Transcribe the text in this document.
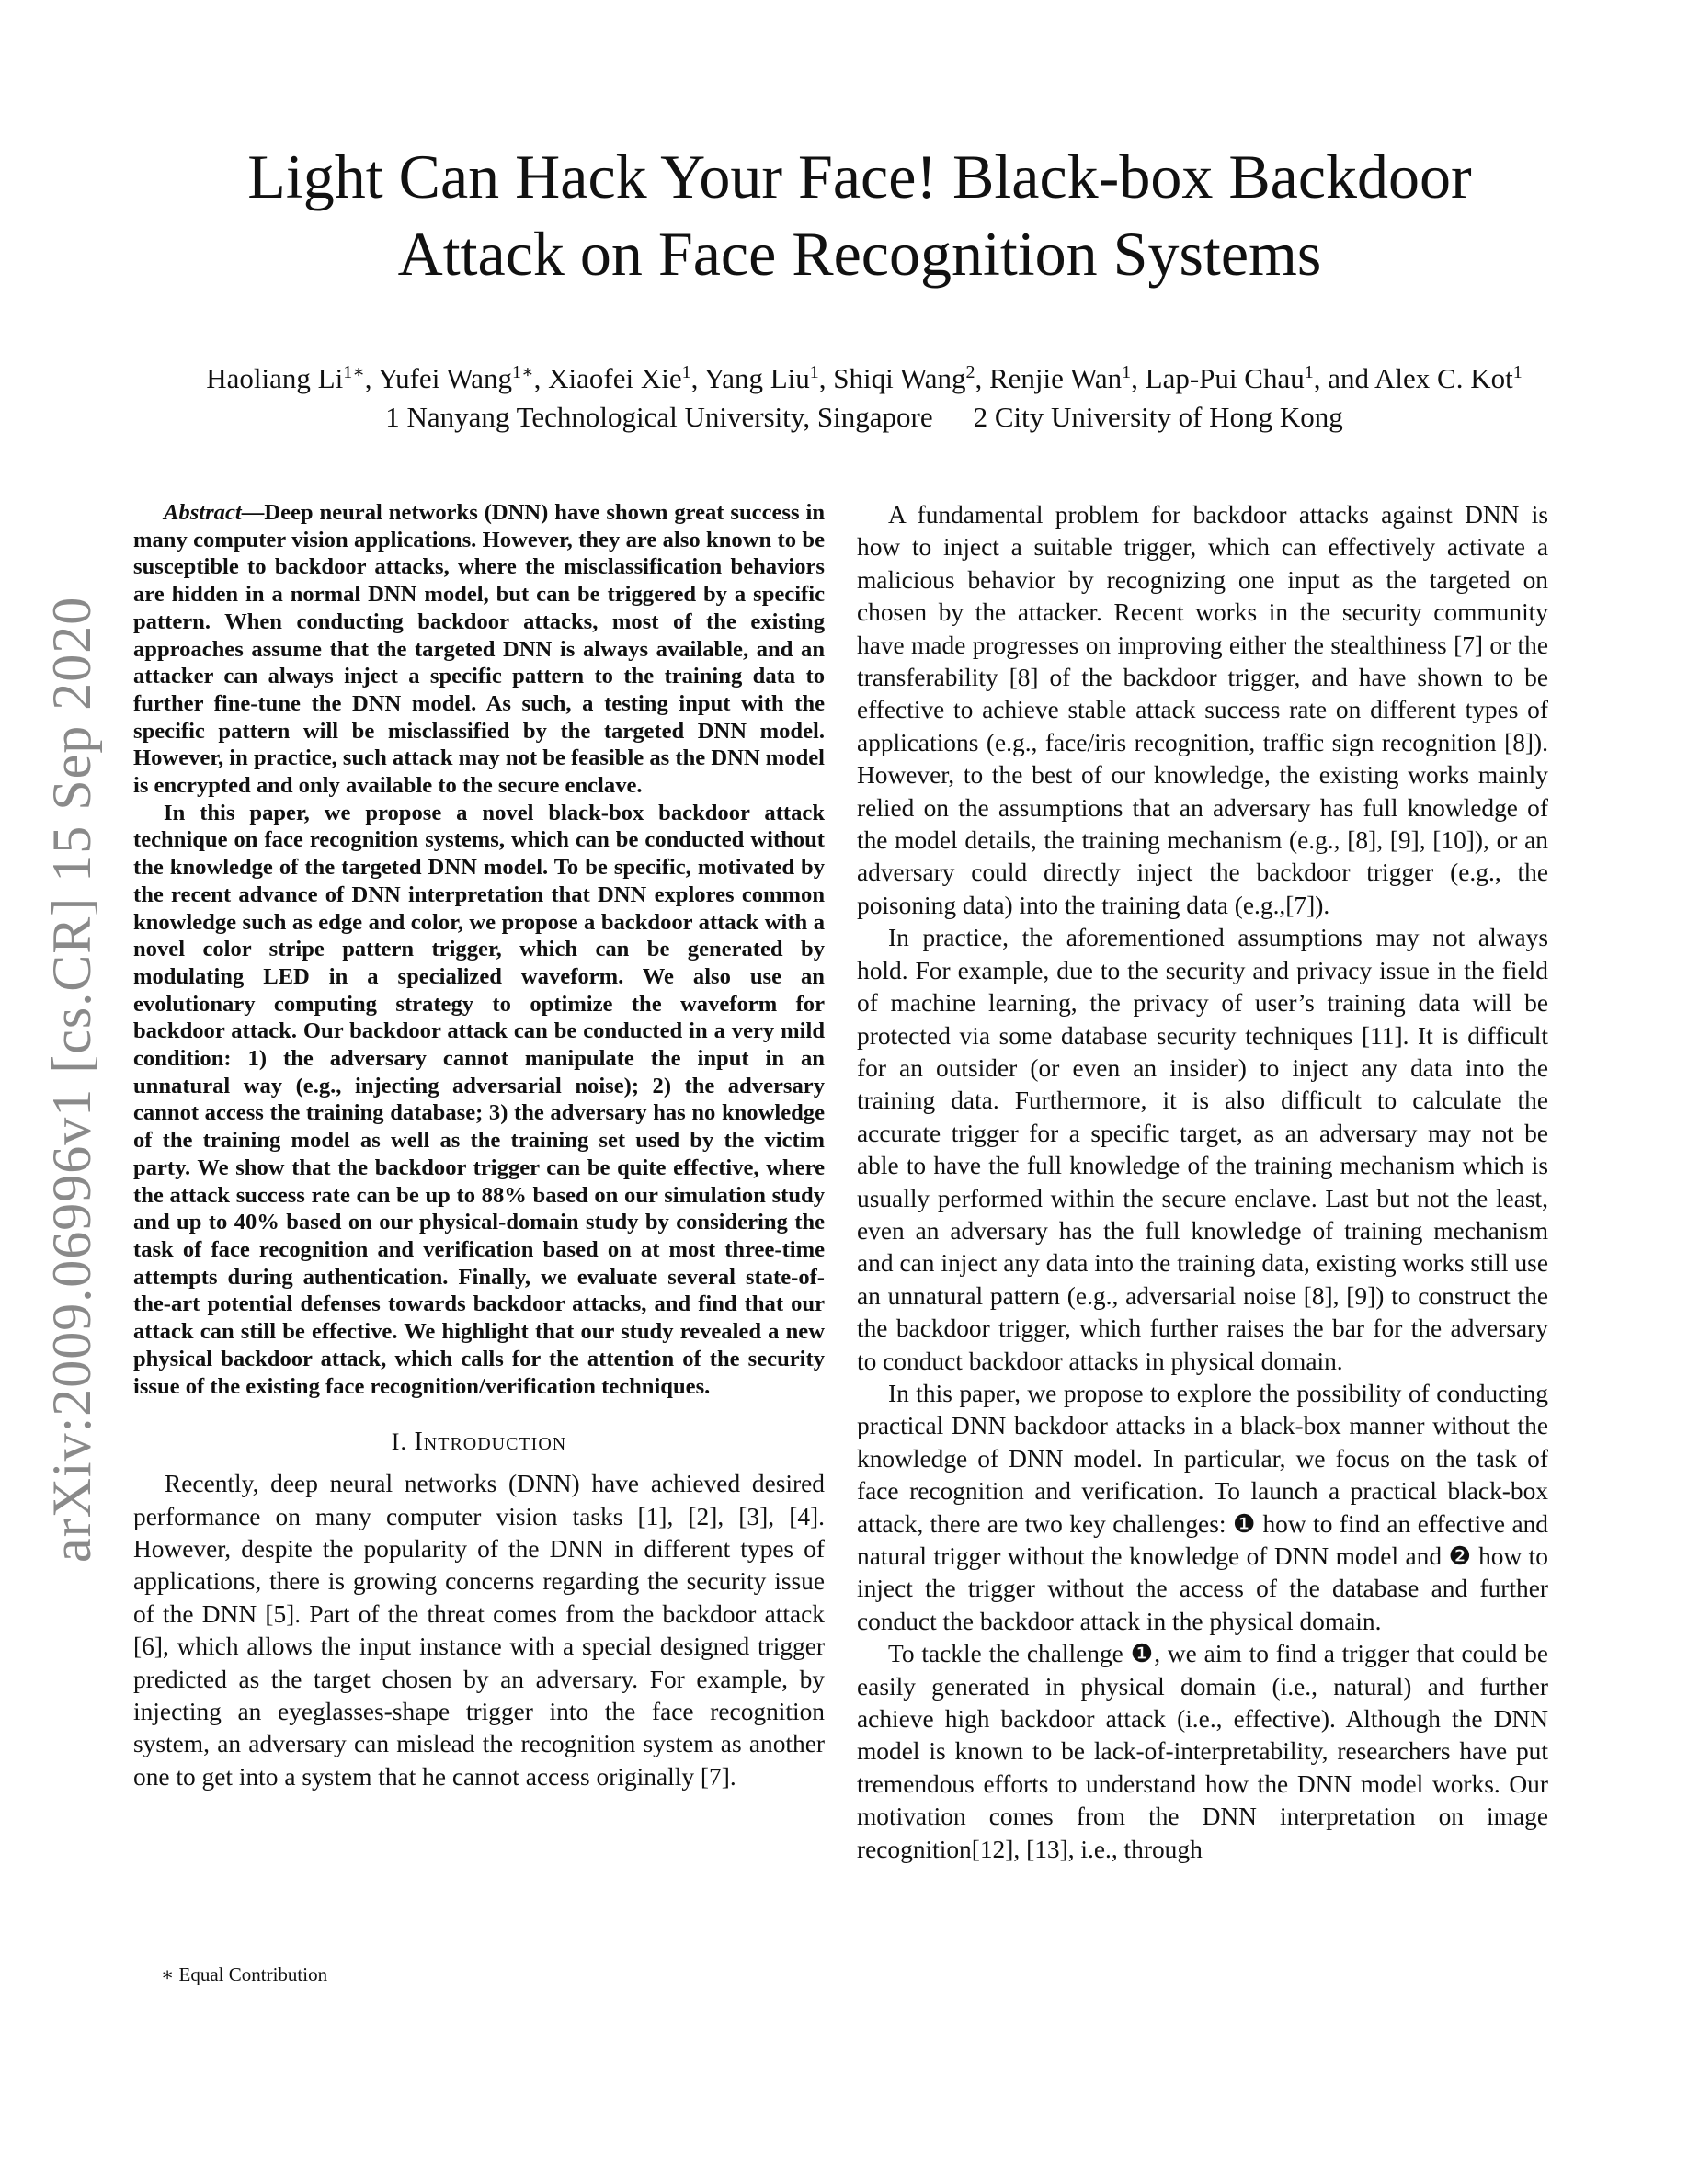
arXiv:2009.06996v1 [cs.CR] 15 Sep 2020
Light Can Hack Your Face! Black-box Backdoor
Attack on Face Recognition Systems
Haoliang $Li^{1∗}$, Yufei Wang$^{1∗}$, Xiaofei Xie$^1$, Yang Liu$^1$, Shiqi Wang$^2$, Renjie Wan$^1$, Lap-Pui Chau$^1$, and Alex C. Kot$^1$
1 Nanyang Technological University, Singapore 2 City University of Hong Kong

Abstract—Deep neural networks (DNN) have shown great success in many computer vision applications. However, they are also known to be susceptible to backdoor attacks, where the misclassification behaviors are hidden in a normal DNN model, but can be triggered by a specific pattern. When conducting backdoor attacks, most of the existing approaches assume that the targeted DNN is always available, and an attacker can always inject a specific pattern to the training data to further fine-tune the DNN model. As such, a testing input with the specific pattern will be misclassified by the targeted DNN model. However, in practice, such attack may not be feasible as the DNN model is encrypted and only available to the secure enclave.

In this paper, we propose a novel black-box backdoor attack technique on face recognition systems, which can be conducted without the knowledge of the targeted DNN model. To be specific, motivated by the recent advance of DNN interpretation that DNN explores common knowledge such as edge and color, we propose a backdoor attack with a novel color stripe pattern trigger, which can be generated by modulating LED in a specialized waveform. We also use an evolutionary computing strategy to optimize the waveform for backdoor attack. Our backdoor attack can be conducted in a very mild condition: 1) the adversary cannot manipulate the input in an unnatural way (e.g., injecting adversarial noise); 2) the adversary cannot access the training database; 3) the adversary has no knowledge of the training model as well as the training set used by the victim party. We show that the backdoor trigger can be quite effective, where the attack success rate can be up to 88% based on our simulation study and up to 40% based on our physical-domain study by considering the task of face recognition and verification based on at most three-time attempts during authentication. Finally, we evaluate several state-of-the-art potential defenses towards backdoor attacks, and find that our attack can still be effective. We highlight that our study revealed a new physical backdoor attack, which calls for the attention of the security issue of the existing face recognition/verification techniques.

I. Introduction

Recently, deep neural networks (DNN) have achieved desired performance on many computer vision tasks [1], [2], [3], [4]. However, despite the popularity of the DNN in different types of applications, there is growing concerns regarding the security issue of the DNN [5]. Part of the threat comes from the backdoor attack [6], which allows the input instance with a special designed trigger predicted as the target chosen by an adversary. For example, by injecting an eyeglasses-shape trigger into the face recognition system, an adversary can mislead the recognition system as another one to get into a system that he cannot access originally [7].

∗ Equal Contribution

A fundamental problem for backdoor attacks against DNN is how to inject a suitable trigger, which can effectively activate a malicious behavior by recognizing one input as the targeted on chosen by the attacker. Recent works in the security community have made progresses on improving either the stealthiness [7] or the transferability [8] of the backdoor trigger, and have shown to be effective to achieve stable attack success rate on different types of applications (e.g., face/iris recognition, traffic sign recognition [8]). However, to the best of our knowledge, the existing works mainly relied on the assumptions that an adversary has full knowledge of the model details, the training mechanism (e.g., [8], [9], [10]), or an adversary could directly inject the backdoor trigger (e.g., the poisoning data) into the training data (e.g.,[7]).

In practice, the aforementioned assumptions may not always hold. For example, due to the security and privacy issue in the field of machine learning, the privacy of user’s training data will be protected via some database security techniques [11]. It is difficult for an outsider (or even an insider) to inject any data into the training data. Furthermore, it is also difficult to calculate the accurate trigger for a specific target, as an adversary may not be able to have the full knowledge of the training mechanism which is usually performed within the secure enclave. Last but not the least, even an adversary has the full knowledge of training mechanism and can inject any data into the training data, existing works still use an unnatural pattern (e.g., adversarial noise [8], [9]) to construct the the backdoor trigger, which further raises the bar for the adversary to conduct backdoor attacks in physical domain.

In this paper, we propose to explore the possibility of conducting practical DNN backdoor attacks in a black-box manner without the knowledge of DNN model. In particular, we focus on the task of face recognition and verification. To launch a practical black-box attack, there are two key challenges: ❶ how to find an effective and natural trigger without the knowledge of DNN model and ❷ how to inject the trigger without the access of the database and further conduct the backdoor attack in the physical domain.

To tackle the challenge ❶, we aim to find a trigger that could be easily generated in physical domain (i.e., natural) and further achieve high backdoor attack (i.e., effective). Although the DNN model is known to be lack-of-interpretability, researchers have put tremendous efforts to understand how the DNN model works. Our motivation comes from the DNN interpretation on image recognition[12], [13], i.e., through
